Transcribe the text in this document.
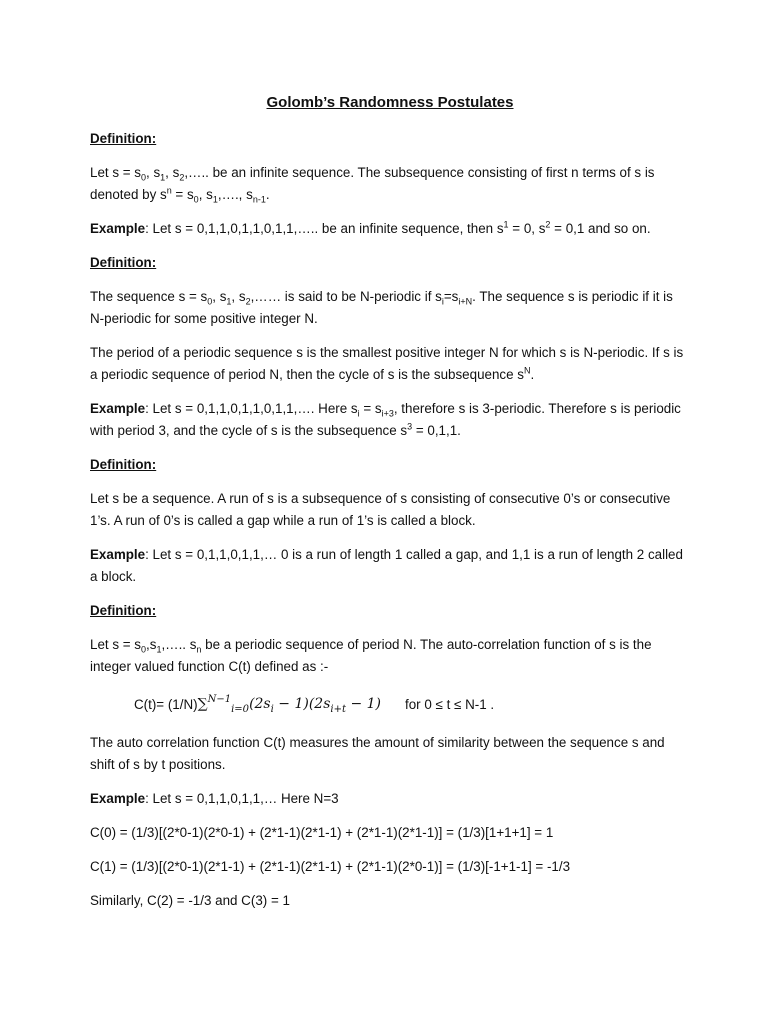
Golomb’s Randomness Postulates
Definition:

Let $s = s_0$, $s_1$, $s_2,\dots$.. be an infinite sequence. The subsequence consisting of first n terms of s is denoted by $s^n = s_0$, $s_1,\dots$., $s_{n-1}$.

Example: Let s = 0,1,1,0,1,1,0,1,1,….. be an infinite sequence, then $s^1 = 0$, $s^2 = 0,1$ and so on.

Definition:

The sequence $s = s_0$, $s_1$, $s_2,\dots\dots$ is said to be N-periodic if $s_i=s_{i+N}$. The sequence s is periodic if it is N-periodic for some positive integer N.

The period of a periodic sequence s is the smallest positive integer N for which s is N-periodic. If s is a periodic sequence of period N, then the cycle of s is the subsequence $s^N$.

Example: Let s = 0,1,1,0,1,1,0,1,1,…. Here $s_i = s_{i+3}$, therefore s is 3-periodic. Therefore s is periodic with period 3, and the cycle of s is the subsequence $s^3 = 0,1,1$.

Definition:

Let s be a sequence. A run of s is a subsequence of s consisting of consecutive 0’s or consecutive 1’s. A run of 0’s is called a gap while a run of 1’s is called a block.

Example: Let s = 0,1,1,0,1,1,… 0 is a run of length 1 called a gap, and 1,1 is a run of length 2 called a block.

Definition:

Let $s = s_0,s_1,\dots$.. $s_n$ be a periodic sequence of period N. The auto-correlation function of s is the integer valued function C(t) defined as :-

C(t)= (1/N) $\sum^{N-1}_{i=0}(2s_i - 1)(2s_{i+t} - 1)$ for 0 ≤ t ≤ N-1 .

The auto correlation function C(t) measures the amount of similarity between the sequence s and shift of s by t positions.

Example: Let s = 0,1,1,0,1,1,… Here N=3

C(0) = (1/3)[(2*0-1)(2*0-1) + (2*1-1)(2*1-1) + (2*1-1)(2*1-1)] = (1/3)[1+1+1] = 1

C(1) = (1/3)[(2*0-1)(2*1-1) + (2*1-1)(2*1-1) + (2*1-1)(2*0-1)] = (1/3)[-1+1-1] = -1/3

Similarly, C(2) = -1/3 and C(3) = 1
